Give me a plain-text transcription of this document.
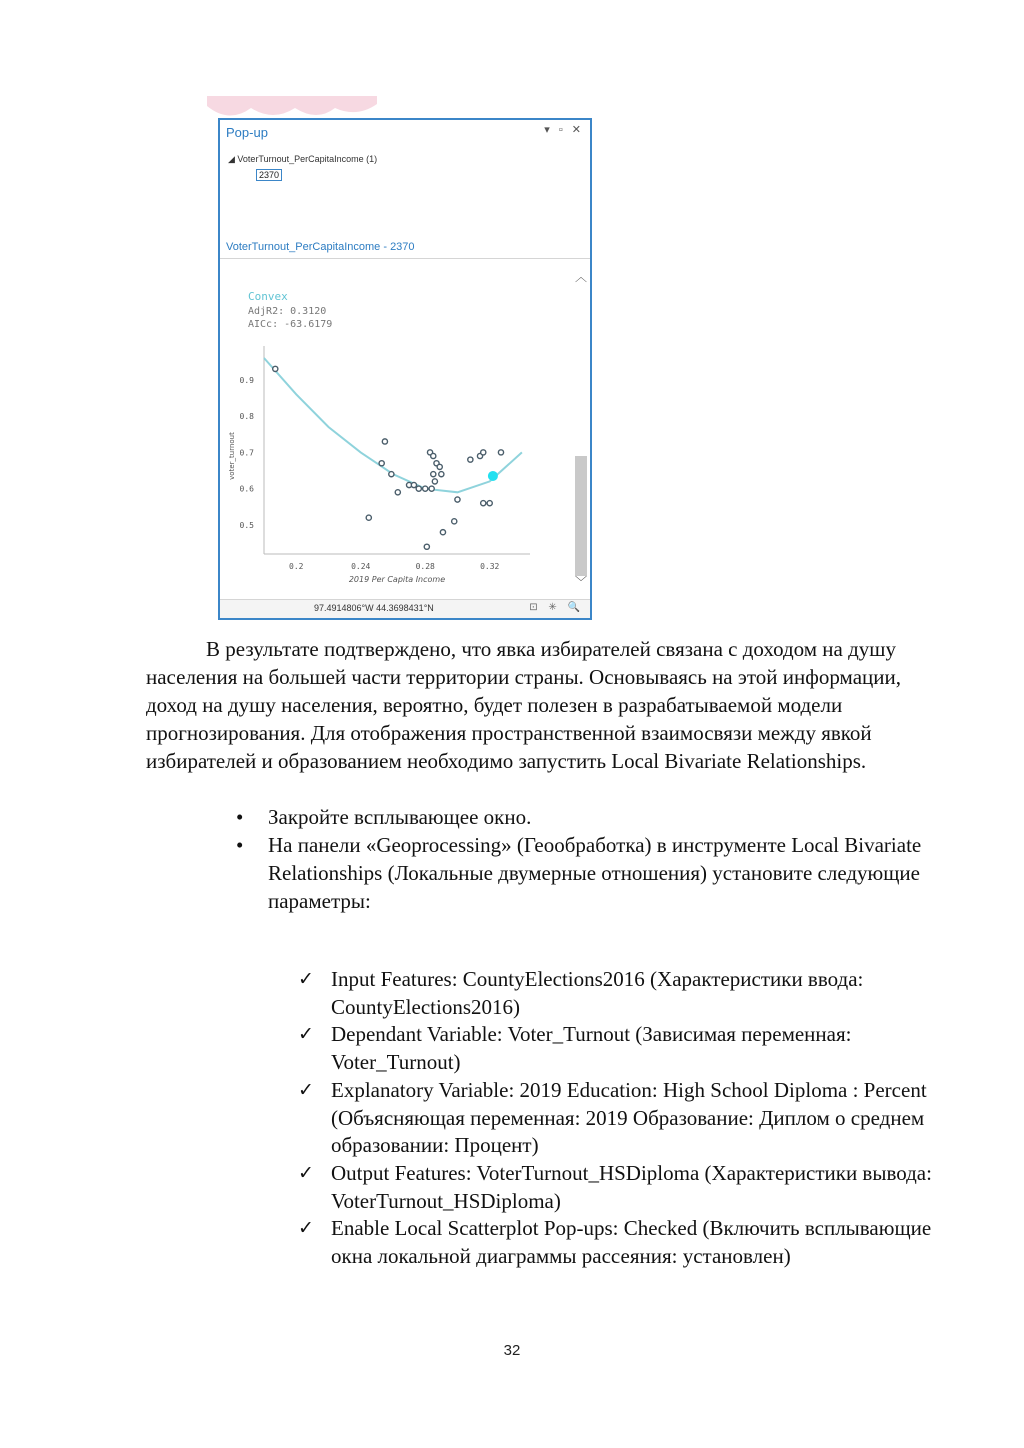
Pop-up	▾ ▫ ✕
◢ VoterTurnout_PerCapitaIncome (1)
2370
VoterTurnout_PerCapitaIncome - 2370
Convex
AdjR2: 0.3120
AICc: -63.6179
0.2	0.24	0.28	0.32
0.5
0.6
0.7
0.8
0.9
2019 Per Capita Income
voter_turnout
︿
﹀
97.4914806°W 44.3698431°N	⊡ ✳ 🔍
В результате подтверждено, что явка избирателей связана с доходом на душу населения на большей части территории страны. Основываясь на этой информации, доход на душу населения, вероятно, будет полезен в разрабатываемой модели прогнозирования. Для отображения пространственной взаимосвязи между явкой избирателей и образованием необходимо запустить Local Bivariate Relationships.
• Закройте всплывающее окно.
• На панели «Geoprocessing» (Геообработка) в инструменте Local Bivariate Relationships (Локальные двумерные отношения) установите следующие параметры:
✓ Input Features: CountyElections2016 (Характеристики ввода: CountyElections2016)
✓ Dependant Variable: Voter_Turnout (Зависимая переменная: Voter_Turnout)
✓ Explanatory Variable: 2019 Education: High School Diploma : Percent (Объясняющая переменная: 2019 Образование: Диплом о среднем образовании: Процент)
✓ Output Features: VoterTurnout_HSDiploma (Характеристики вывода: VoterTurnout_HSDiploma)
✓ Enable Local Scatterplot Pop-ups: Checked (Включить всплывающие окна локальной диаграммы рассеяния: установлен)
32
